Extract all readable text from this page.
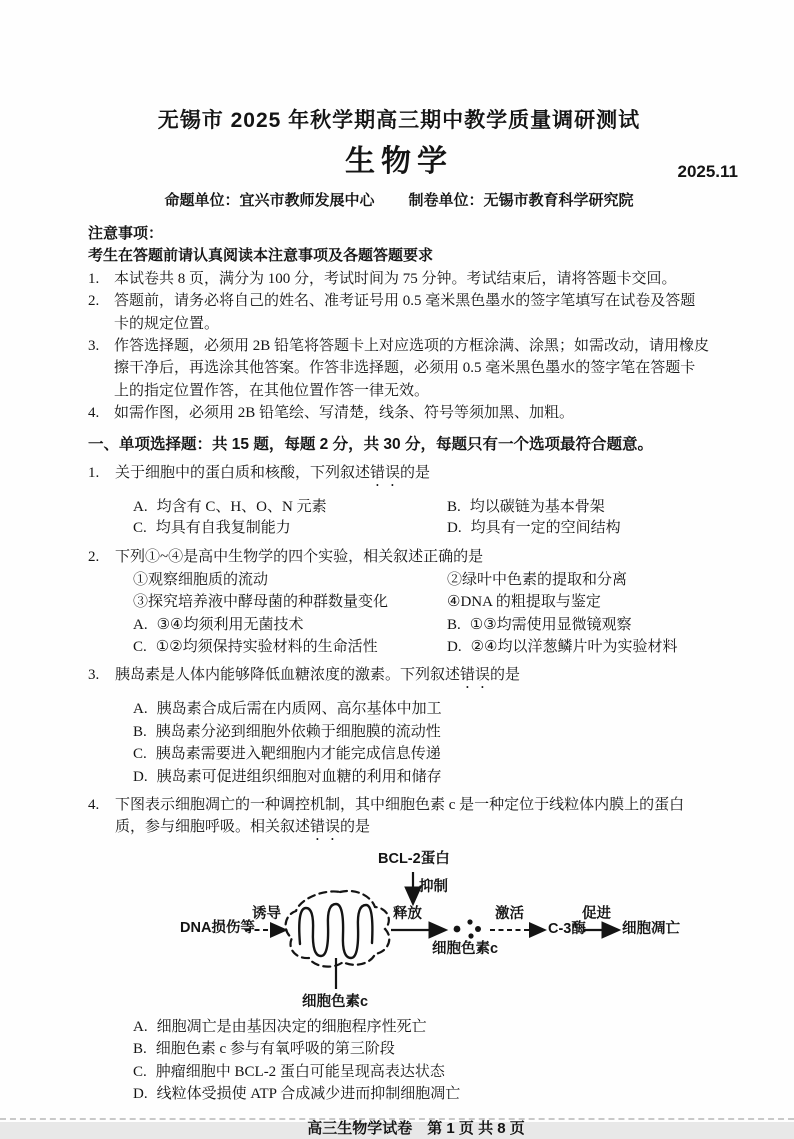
无锡市 2025 年秋学期高三期中教学质量调研测试
生物学	2025.11
命题单位：宜兴市教师发展中心 制卷单位：无锡市教育科学研究院
注意事项：
考生在答题前请认真阅读本注意事项及各题答题要求
1. 本试卷共 8 页，满分为 100 分，考试时间为 75 分钟。考试结束后，请将答题卡交回。
2. 答题前，请务必将自己的姓名、准考证号用 0.5 毫米黑色墨水的签字笔填写在试卷及答题卡的规定位置。
3. 作答选择题，必须用 2B 铅笔将答题卡上对应选项的方框涂满、涂黑；如需改动，请用橡皮擦干净后，再选涂其他答案。作答非选择题，必须用 0.5 毫米黑色墨水的签字笔在答题卡上的指定位置作答，在其他位置作答一律无效。
4. 如需作图，必须用 2B 铅笔绘、写清楚，线条、符号等须加黑、加粗。
一、单项选择题：共 15 题，每题 2 分，共 30 分，每题只有一个选项最符合题意。
1.	关于细胞中的蛋白质和核酸，下列叙述错误的是
A. 均含有 C、H、O、N 元素	B. 均以碳链为基本骨架
C. 均具有自我复制能力	D. 均具有一定的空间结构
2.	下列①~④是高中生物学的四个实验，相关叙述正确的是
①观察细胞质的流动	②绿叶中色素的提取和分离
③探究培养液中酵母菌的种群数量变化	④DNA 的粗提取与鉴定
A. ③④均须利用无菌技术	B. ①③均需使用显微镜观察
C. ①②均须保持实验材料的生命活性	D. ②④均以洋葱鳞片叶为实验材料
3.	胰岛素是人体内能够降低血糖浓度的激素。下列叙述错误的是
A. 胰岛素合成后需在内质网、高尔基体中加工
B. 胰岛素分泌到细胞外依赖于细胞膜的流动性
C. 胰岛素需要进入靶细胞内才能完成信息传递
D. 胰岛素可促进组织细胞对血糖的利用和储存
4.	下图表示细胞凋亡的一种调控机制，其中细胞色素 c 是一种定位于线粒体内膜上的蛋白质，参与细胞呼吸。相关叙述错误的是
BCL-2蛋白
抑制
DNA损伤等
诱导	释放
细胞色素c
激活
C-3酶
促进
细胞凋亡
细胞色素c
A. 细胞凋亡是由基因决定的细胞程序性死亡
B. 细胞色素 c 参与有氧呼吸的第三阶段
C. 肿瘤细胞中 BCL-2 蛋白可能呈现高表达状态
D. 线粒体受损使 ATP 合成减少进而抑制细胞凋亡
高三生物学试卷　第 1 页 共 8 页
